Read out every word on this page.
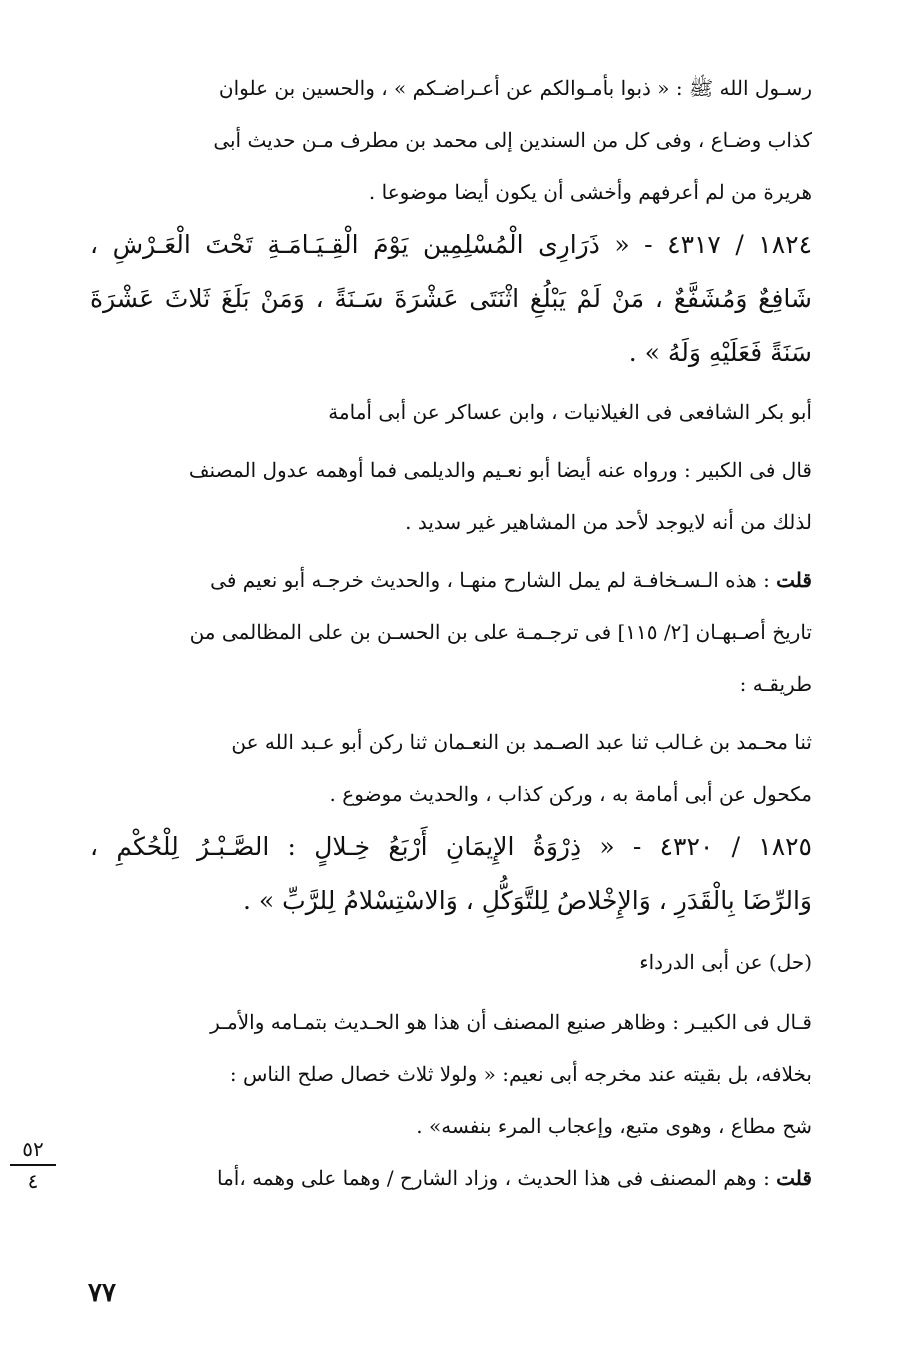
رسـول الله ﷺ : « ذبوا بأمـوالكم عن أعـراضـكم » ، والحسين بن علوان
كذاب وضـاع ، وفى كل من السندين إلى محمد بن مطرف مـن حديث أبى
هريرة من لم أعرفهم وأخشى أن يكون أيضا موضوعا .
١٨٢٤ / ٤٣١٧ - « ذَرَارِى الْمُسْلِمِين يَوْمَ الْقِـيَـامَـةِ تَحْتَ الْعَـرْشِ ،
شَافِعٌ وَمُشَفَّعٌ ، مَنْ لَمْ يَبْلُغِ اثْنَتَى عَشْرَةَ سَـنَةً ، وَمَنْ بَلَغَ ثَلاثَ عَشْرَةَ
سَنَةً فَعَلَيْهِ وَلَهُ » .
أبو بكر الشافعى فى الغيلانيات ، وابن عساكر عن أبى أمامة
قال فى الكبير : ورواه عنه أيضا أبو نعـيم والديلمى فما أوهمه عدول المصنف
لذلك من أنه لايوجد لأحد من المشاهير غير سديد .
قلت : هذه الـسـخافـة لم يمل الشارح منهـا ، والحديث خرجـه أبو نعيم فى
تاريخ أصـبهـان [٢/ ١١٥] فى ترجـمـة على بن الحسـن بن على المظالمى من
طريقـه :
ثنا محـمد بن غـالب ثنا عبد الصـمد بن النعـمان ثنا ركن أبو عـبد الله عن
مكحول عن أبى أمامة به ، وركن كذاب ، والحديث موضوع .
١٨٢٥ / ٤٣٢٠ - « ذِرْوَةُ الإِيمَانِ أَرْبَعُ خِـلالٍ : الصَّـبْـرُ لِلْحُكْمِ ،
وَالرِّضَا بِالْقَدَرِ ، وَالإِخْلاصُ لِلتَّوَكُّلِ ، وَالاسْتِسْلامُ لِلرَّبِّ » .
(حل) عن أبى الدرداء
قـال فى الكبيـر : وظاهر صنيع المصنف أن هذا هو الحـديث بتمـامه والأمـر
بخلافه، بل بقيته عند مخرجه أبى نعيم: « ولولا ثلاث خصال صلح الناس :
شح مطاع ، وهوى متبع، وإعجاب المرء بنفسه» .
قلت : وهم المصنف فى هذا الحديث ، وزاد الشارح / وهما على وهمه ،أما
٥٢
٤
٧٧
